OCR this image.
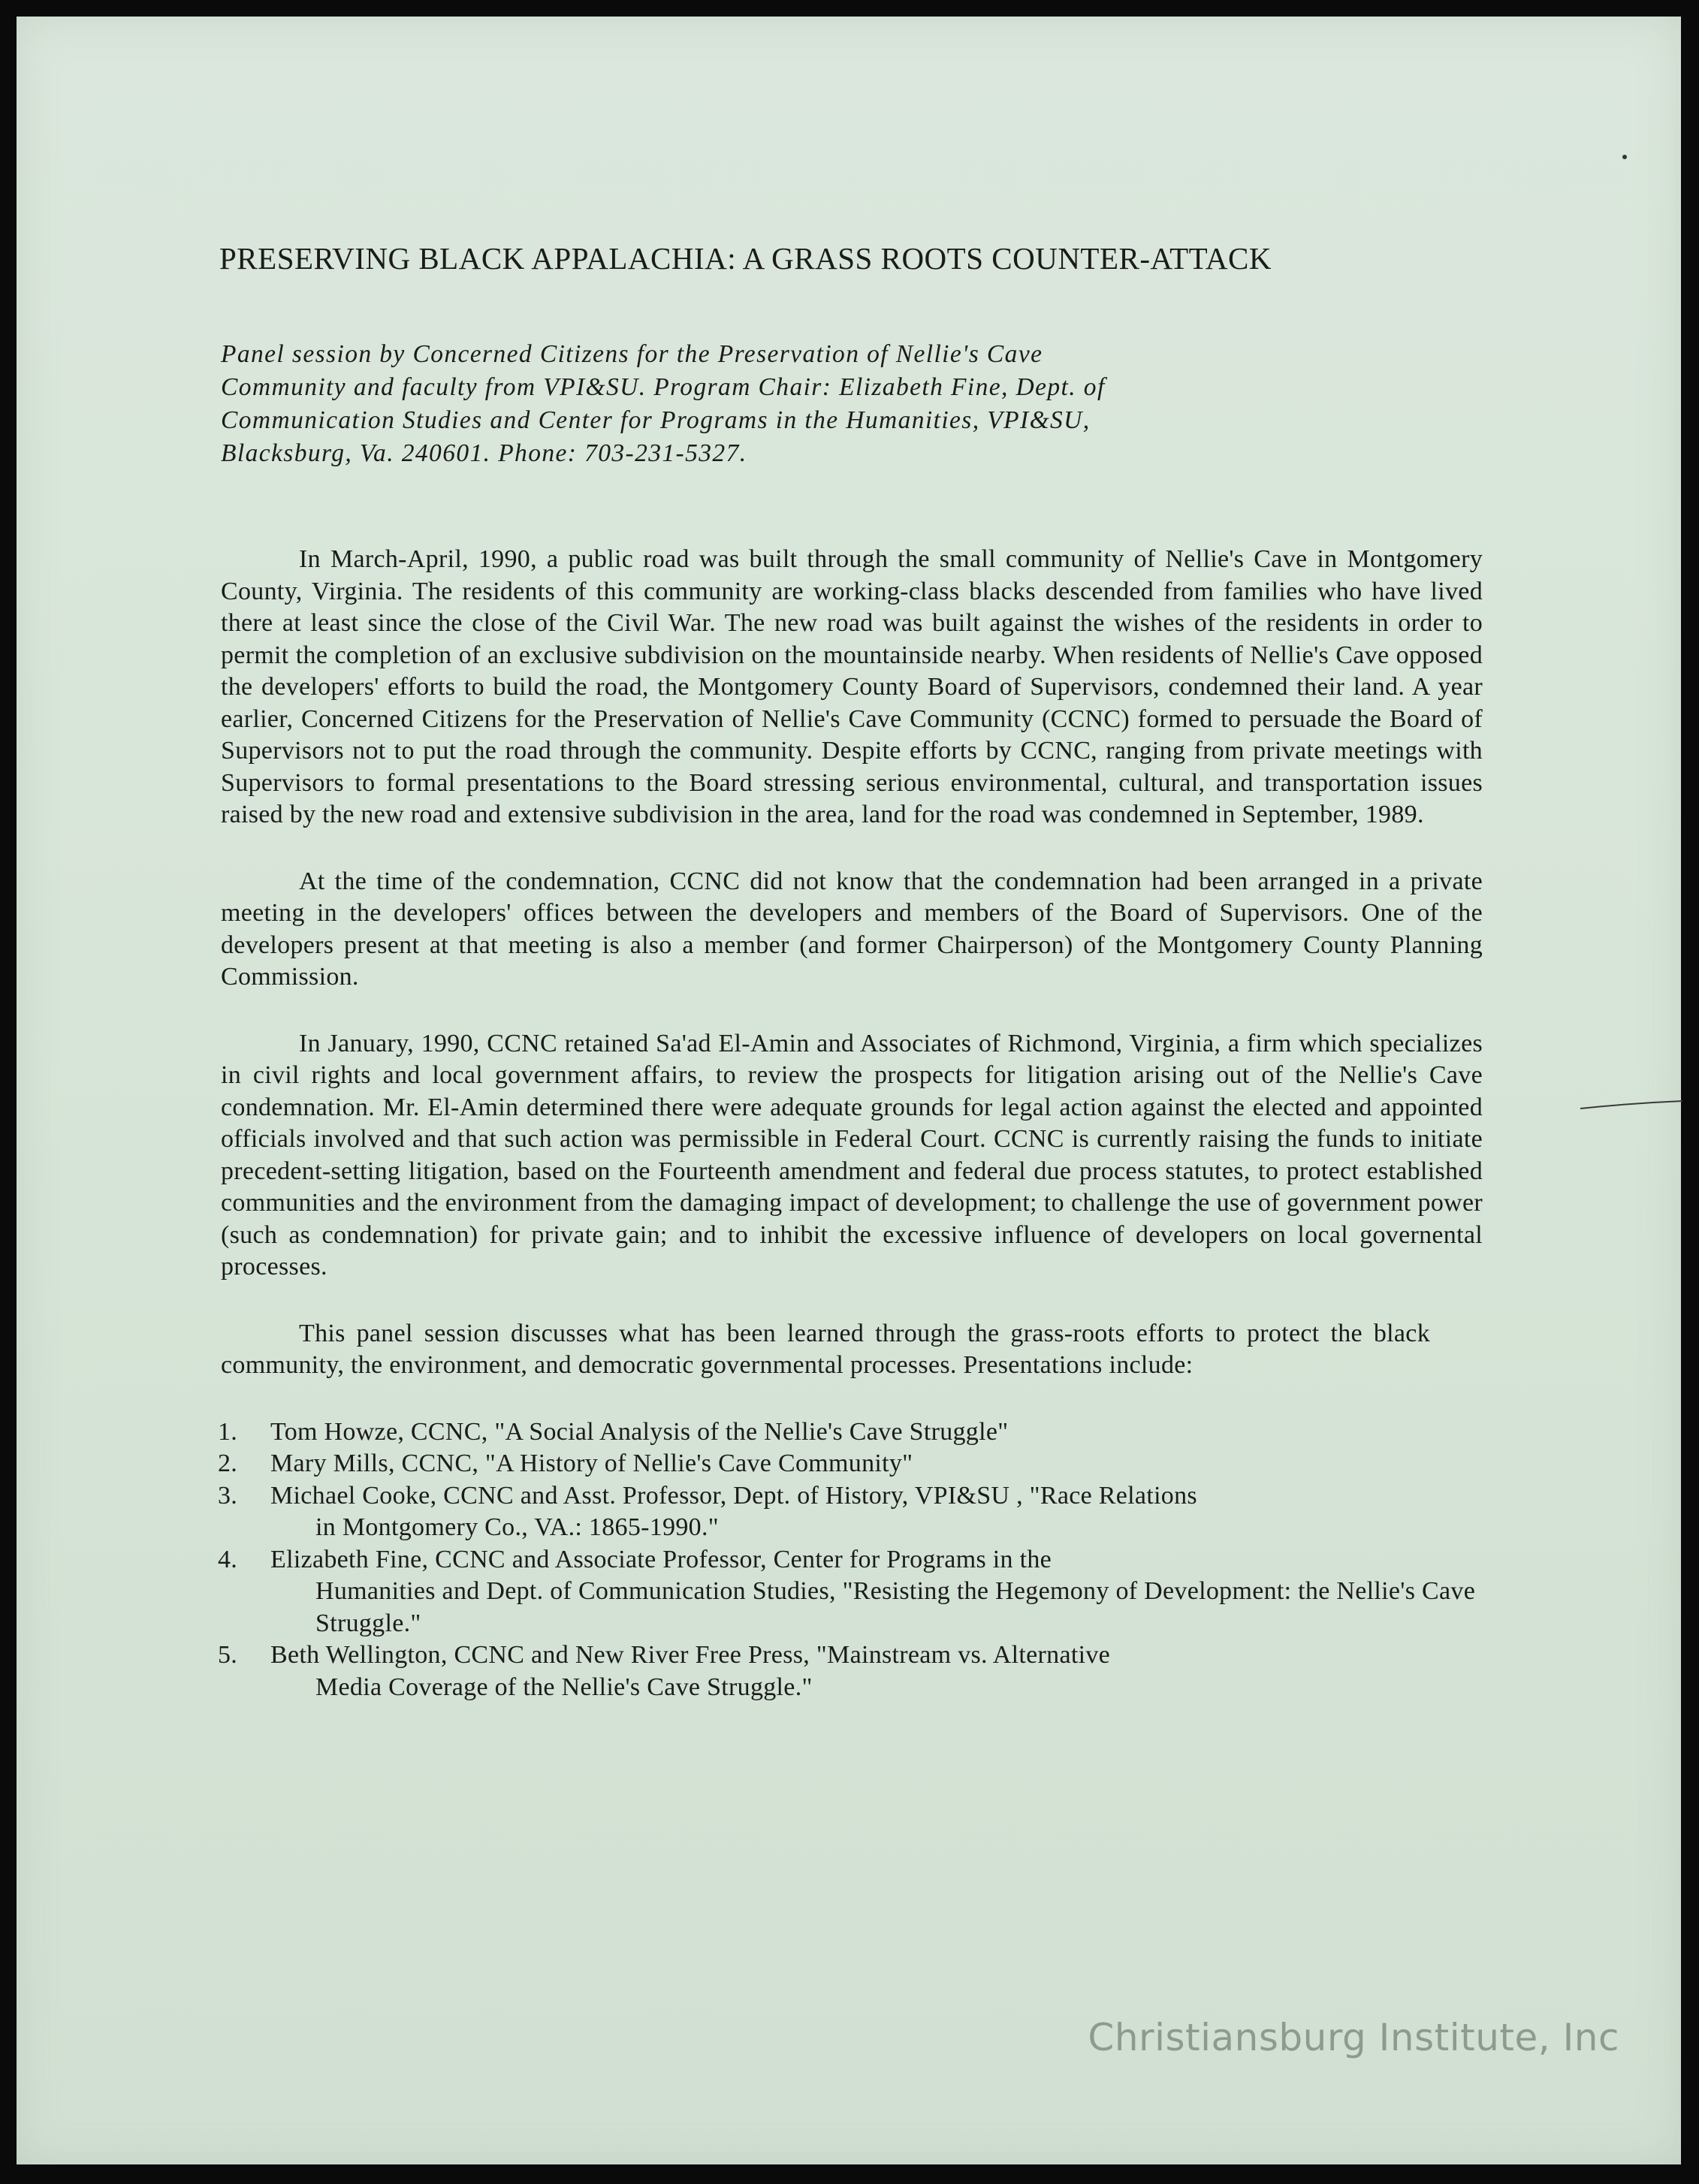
PRESERVING BLACK APPALACHIA: A GRASS ROOTS COUNTER-ATTACK
Panel session by Concerned Citizens for the Preservation of Nellie's Cave
Community and faculty from VPI&SU. Program Chair: Elizabeth Fine, Dept. of
Communication Studies and Center for Programs in the Humanities, VPI&SU,
Blacksburg, Va. 240601. Phone: 703-231-5327.

In March-April, 1990, a public road was built through the small community of Nellie's Cave in Montgomery County, Virginia. The residents of this community are working-class blacks descended from families who have lived there at least since the close of the Civil War. The new road was built against the wishes of the residents in order to permit the completion of an exclusive subdivision on the mountainside nearby. When residents of Nellie's Cave opposed the developers' efforts to build the road, the Montgomery County Board of Supervisors, condemned their land. A year earlier, Concerned Citizens for the Preservation of Nellie's Cave Community (CCNC) formed to persuade the Board of Supervisors not to put the road through the community. Despite efforts by CCNC, ranging from private meetings with Supervisors to formal presentations to the Board stressing serious environmental, cultural, and transportation issues raised by the new road and extensive subdivision in the area, land for the road was condemned in September, 1989.

At the time of the condemnation, CCNC did not know that the condemnation had been arranged in a private meeting in the developers' offices between the developers and members of the Board of Supervisors. One of the developers present at that meeting is also a member (and former Chairperson) of the Montgomery County Planning Commission.

In January, 1990, CCNC retained Sa'ad El-Amin and Associates of Richmond, Virginia, a firm which specializes in civil rights and local government affairs, to review the prospects for litigation arising out of the Nellie's Cave condemnation. Mr. El-Amin determined there were adequate grounds for legal action against the elected and appointed officials involved and that such action was permissible in Federal Court. CCNC is currently raising the funds to initiate precedent-setting litigation, based on the Fourteenth amendment and federal due process statutes, to protect established communities and the environment from the damaging impact of development; to challenge the use of government power (such as condemnation) for private gain; and to inhibit the excessive influence of developers on local governental processes.

This panel session discusses what has been learned through the grass-roots efforts to protect the black community, the environment, and democratic governmental processes. Presentations include:

1.	Tom Howze, CCNC, "A Social Analysis of the Nellie's Cave Struggle"
2.	Mary Mills, CCNC, "A History of Nellie's Cave Community"
3.	Michael Cooke, CCNC and Asst. Professor, Dept. of History, VPI&SU , "Race Relations
in Montgomery Co., VA.: 1865-1990."
4.	Elizabeth Fine, CCNC and Associate Professor, Center for Programs in the
Humanities and Dept. of Communication Studies, "Resisting the Hegemony of Development: the Nellie's Cave Struggle."
5.	Beth Wellington, CCNC and New River Free Press, "Mainstream vs. Alternative
Media Coverage of the Nellie's Cave Struggle."
Christiansburg Institute, Inc
